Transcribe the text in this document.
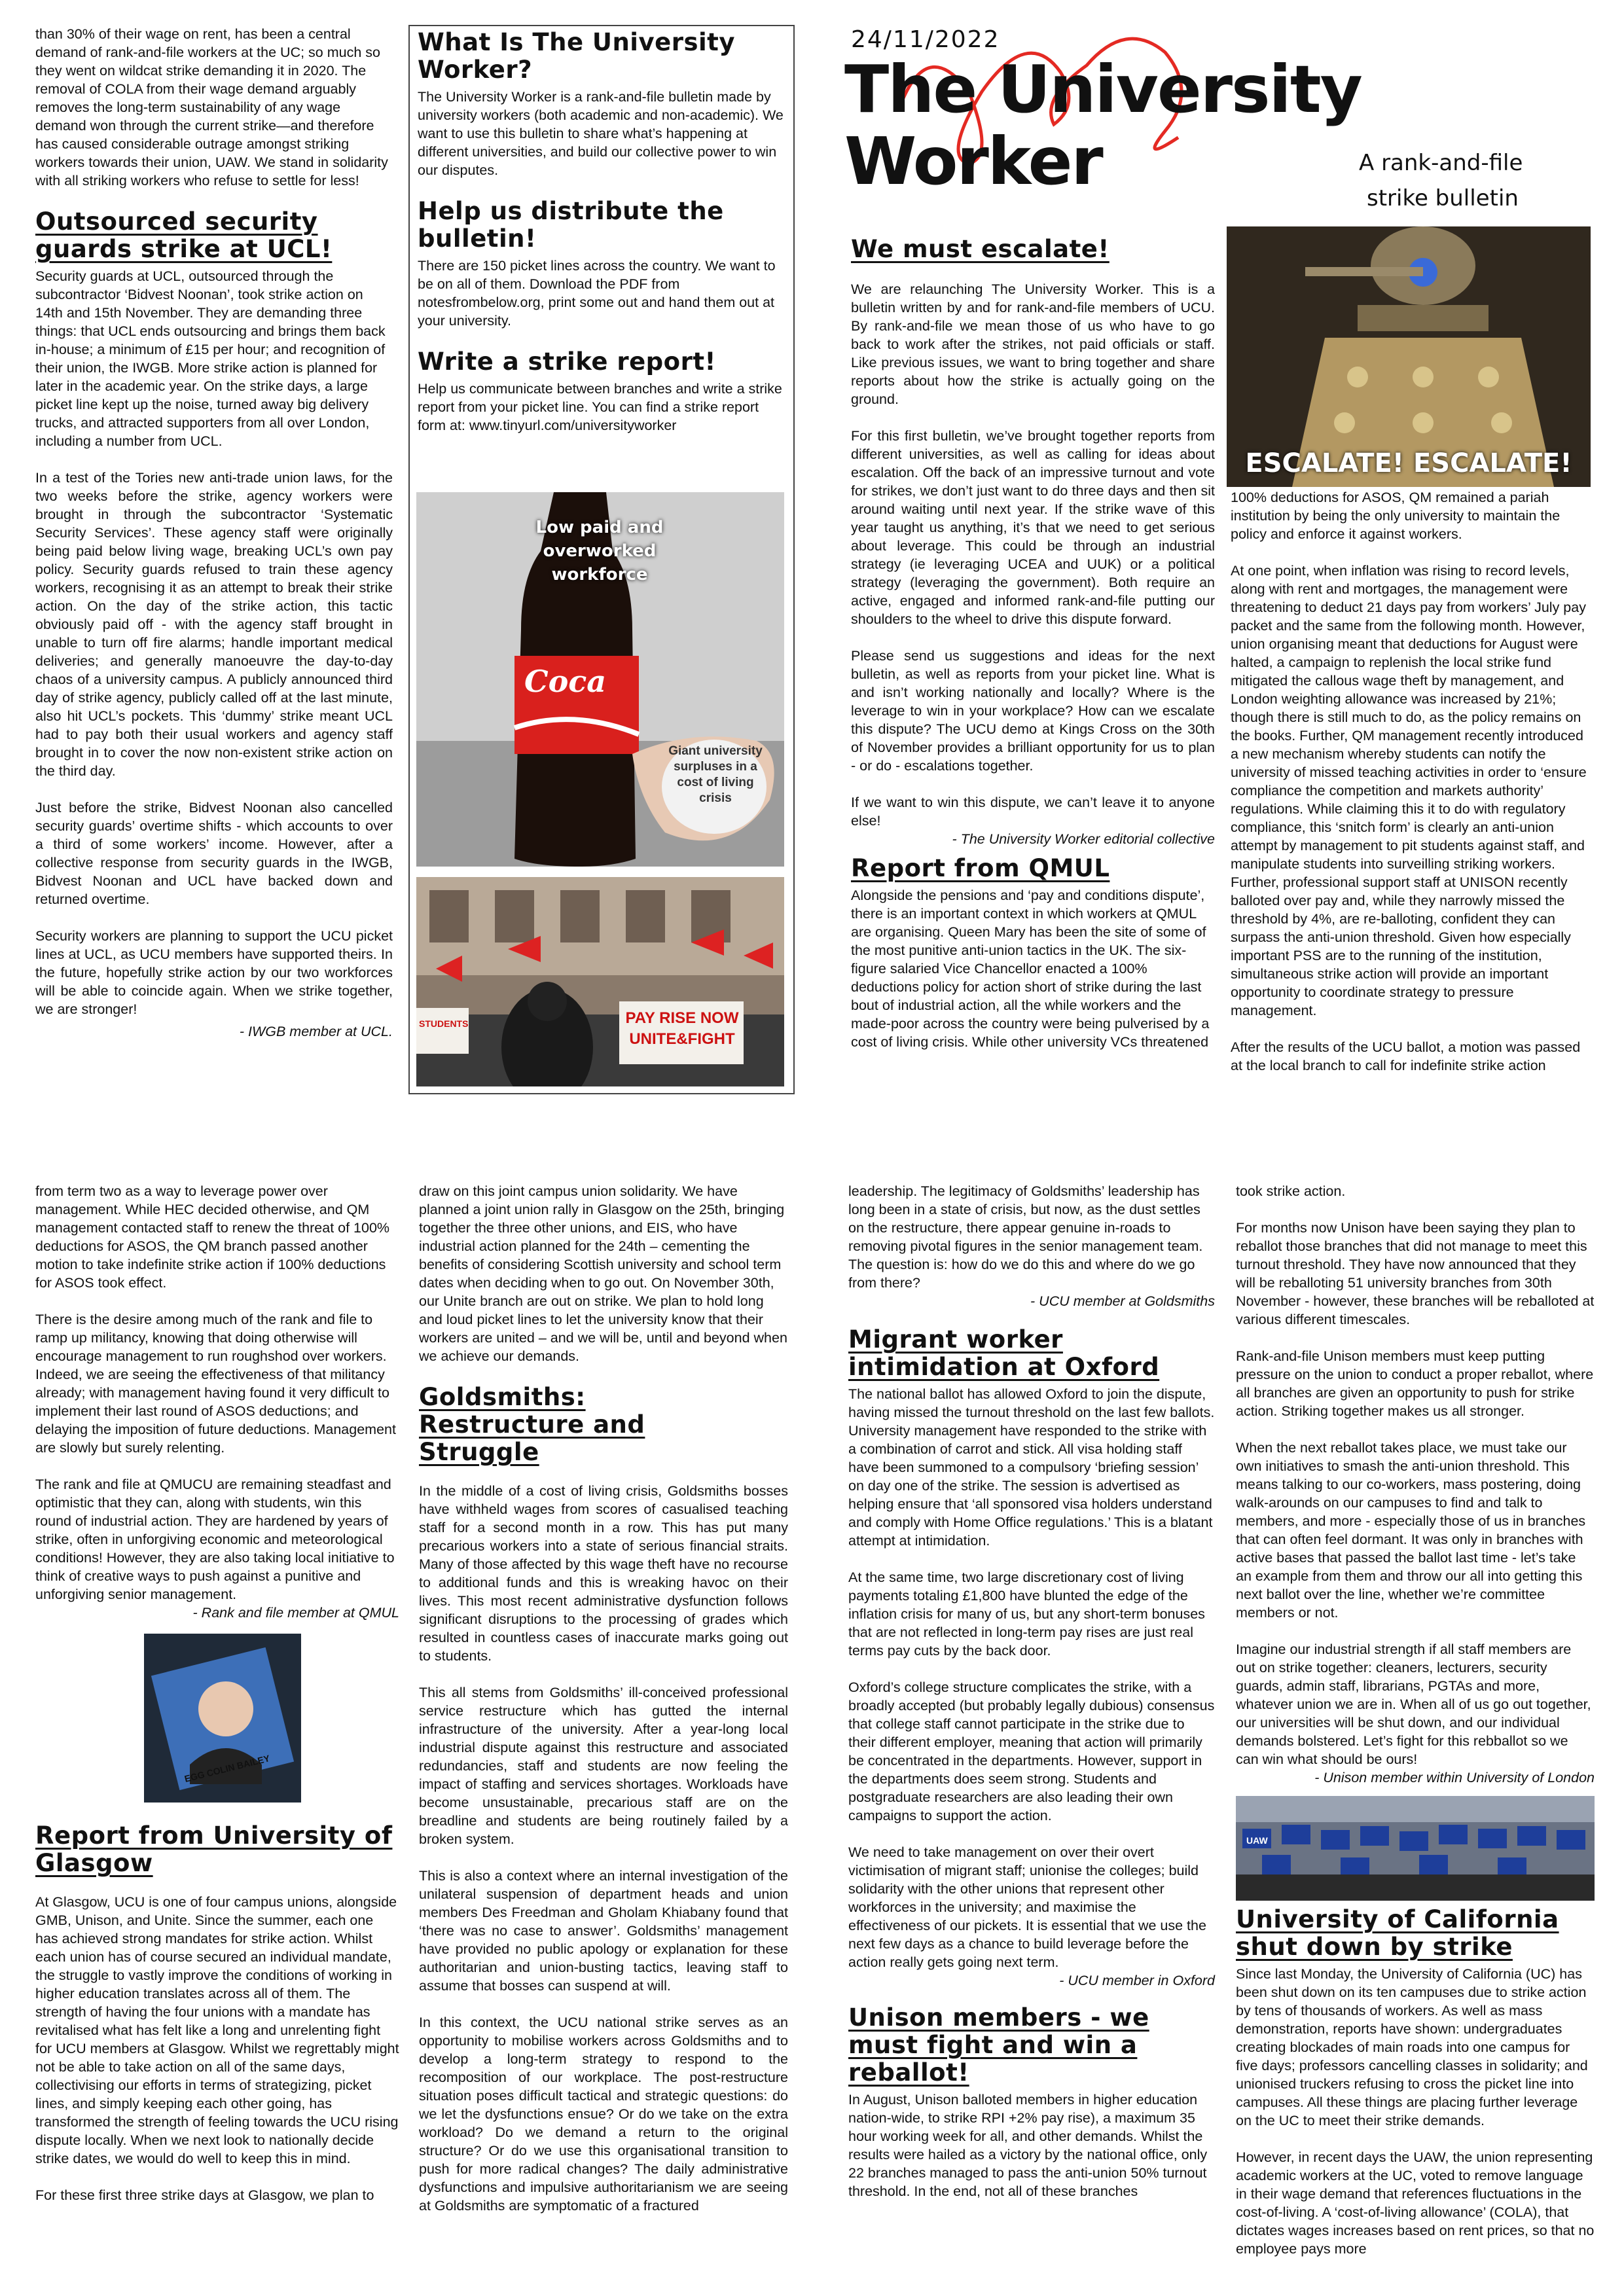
than 30% of their wage on rent, has been a central demand of rank-and-file workers at the UC; so much so they went on wildcat strike demanding it in 2020. The removal of COLA from their wage demand arguably removes the long-term sustainability of any wage demand won through the current strike—and therefore has caused considerable outrage amongst striking workers towards their union, UAW. We stand in solidarity with all striking workers who refuse to settle for less!

Outsourced security guards strike at UCL!

Security guards at UCL, outsourced through the subcontractor ‘Bidvest Noonan’, took strike action on 14th and 15th November. They are demanding three things: that UCL ends outsourcing and brings them back in-house; a minimum of £15 per hour; and recognition of their union, the IWGB. More strike action is planned for later in the academic year. On the strike days, a large picket line kept up the noise, turned away big delivery trucks, and attracted supporters from all over London, including a number from UCL.

In a test of the Tories new anti-trade union laws, for the two weeks before the strike, agency workers were brought in through the subcontractor ‘Systematic Security Services’. These agency staff were originally being paid below living wage, breaking UCL’s own pay policy. Security guards refused to train these agency workers, recognising it as an attempt to break their strike action. On the day of the strike action, this tactic obviously paid off - with the agency staff brought in unable to turn off fire alarms; handle important medical deliveries; and generally manoeuvre the day-to-day chaos of a university campus. A publicly announced third day of strike agency, publicly called off at the last minute, also hit UCL’s pockets. This ‘dummy’ strike meant UCL had to pay both their usual workers and agency staff brought in to cover the now non-existent strike action on the third day.

Just before the strike, Bidvest Noonan also cancelled security guards’ overtime shifts - which accounts to over a third of some workers’ income. However, after a collective response from security guards in the IWGB, Bidvest Noonan and UCL have backed down and returned overtime.

Security workers are planning to support the UCU picket lines at UCL, as UCU members have supported theirs. In the future, hopefully strike action by our two workforces will be able to coincide again. When we strike together, we are stronger!

- IWGB member at UCL.
What Is The University Worker?

The University Worker is a rank-and-file bulletin made by university workers (both academic and non-academic). We want to use this bulletin to share what’s happening at different universities, and build our collective power to win our disputes.

Help us distribute the bulletin!

There are 150 picket lines across the country. We want to be on all of them. Download the PDF from notesfrombelow.org, print some out and hand them out at your university.

Write a strike report!

Help us communicate between branches and write a strike report from your picket line. You can find a strike report form at: www.tinyurl.com/universityworker

Low paid and overworked workforce
Coca
Giant university surpluses in a cost of living crisis
PAY RISE NOW UNITE&FIGHT
STUDENTS
24/11/2022
The University
Worker	A rank-and-file
strike bulletin
We must escalate!

We are relaunching The University Worker. This is a bulletin written by and for rank-and-file members of UCU. By rank-and-file we mean those of us who have to go back to work after the strikes, not paid officials or staff. Like previous issues, we want to bring together and share reports about how the strike is actually going on the ground.

For this first bulletin, we’ve brought together reports from different universities, as well as calling for ideas about escalation. Off the back of an impressive turnout and vote for strikes, we don’t just want to do three days and then sit around waiting until next year. If the strike wave of this year taught us anything, it’s that we need to get serious about leverage. This could be through an industrial strategy (ie leveraging UCEA and UUK) or a political strategy (leveraging the government). Both require an active, engaged and informed rank-and-file putting our shoulders to the wheel to drive this dispute forward.

Please send us suggestions and ideas for the next bulletin, as well as reports from your picket line. What is and isn’t working nationally and locally? Where is the leverage to win in your workplace? How can we escalate this dispute? The UCU demo at Kings Cross on the 30th of November provides a brilliant opportunity for us to plan - or do - escalations together.

If we want to win this dispute, we can’t leave it to anyone else!

- The University Worker editorial collective
Report from QMUL

Alongside the pensions and ‘pay and conditions dispute’, there is an important context in which workers at QMUL are organising. Queen Mary has been the site of some of the most punitive anti-union tactics in the UK. The six-figure salaried Vice Chancellor enacted a 100% deductions policy for action short of strike during the last bout of industrial action, all the while workers and the made-poor across the country were being pulverised by a cost of living crisis. While other university VCs threatened

ESCALATE! ESCALATE!

100% deductions for ASOS, QM remained a pariah institution by being the only university to maintain the policy and enforce it against workers.

At one point, when inflation was rising to record levels, along with rent and mortgages, the management were threatening to deduct 21 days pay from workers’ July pay packet and the same from the following month. However, union organising meant that deductions for August were halted, a campaign to replenish the local strike fund mitigated the callous wage theft by management, and London weighting allowance was increased by 21%; though there is still much to do, as the policy remains on the books. Further, QM management recently introduced a new mechanism whereby students can notify the university of missed teaching activities in order to ‘ensure compliance the competition and markets authority’ regulations. While claiming this it to do with regulatory compliance, this ‘snitch form’ is clearly an anti-union attempt by management to pit students against staff, and manipulate students into surveilling striking workers. Further, professional support staff at UNISON recently balloted over pay and, while they narrowly missed the threshold by 4%, are re-balloting, confident they can surpass the anti-union threshold. Given how especially important PSS are to the running of the institution, simultaneous strike action will provide an important opportunity to coordinate strategy to pressure management.

After the results of the UCU ballot, a motion was passed at the local branch to call for indefinite strike action

from term two as a way to leverage power over management. While HEC decided otherwise, and QM management contacted staff to renew the threat of 100% deductions for ASOS, the QM branch passed another motion to take indefinite strike action if 100% deductions for ASOS took effect.

There is the desire among much of the rank and file to ramp up militancy, knowing that doing otherwise will encourage management to run roughshod over workers. Indeed, we are seeing the effectiveness of that militancy already; with management having found it very difficult to implement their last round of ASOS deductions; and delaying the imposition of future deductions. Management are slowly but surely relenting.

The rank and file at QMUCU are remaining steadfast and optimistic that they can, along with students, win this round of industrial action. They are hardened by years of strike, often in unforgiving economic and meteorological conditions! However, they are also taking local initiative to think of creative ways to push against a punitive and unforgiving senior management.

- Rank and file member at QMUL
EGG COLIN BAILEY
Report from University of Glasgow

At Glasgow, UCU is one of four campus unions, alongside GMB, Unison, and Unite. Since the summer, each one has achieved strong mandates for strike action. Whilst each union has of course secured an individual mandate, the struggle to vastly improve the conditions of working in higher education translates across all of them. The strength of having the four unions with a mandate has revitalised what has felt like a long and unrelenting fight for UCU members at Glasgow. Whilst we regrettably might not be able to take action on all of the same days, collectivising our efforts in terms of strategizing, picket lines, and simply keeping each other going, has transformed the strength of feeling towards the UCU rising dispute locally. When we next look to nationally decide strike dates, we would do well to keep this in mind.

For these first three strike days at Glasgow, we plan to

draw on this joint campus union solidarity. We have planned a joint union rally in Glasgow on the 25th, bringing together the three other unions, and EIS, who have industrial action planned for the 24th – cementing the benefits of considering Scottish university and school term dates when deciding when to go out. On November 30th, our Unite branch are out on strike. We plan to hold long and loud picket lines to let the university know that their workers are united – and we will be, until and beyond when we achieve our demands.

Goldsmiths: Restructure and Struggle

In the middle of a cost of living crisis, Goldsmiths bosses have withheld wages from scores of casualised teaching staff for a second month in a row. This has put many precarious workers into a state of serious financial straits. Many of those affected by this wage theft have no recourse to additional funds and this is wreaking havoc on their lives. This most recent administrative dysfunction follows significant disruptions to the processing of grades which resulted in countless cases of inaccurate marks going out to students.

This all stems from Goldsmiths’ ill-conceived professional service restructure which has gutted the internal infrastructure of the university. After a year-long local industrial dispute against this restructure and associated redundancies, staff and students are now feeling the impact of staffing and services shortages. Workloads have become unsustainable, precarious staff are on the breadline and students are being routinely failed by a broken system.

This is also a context where an internal investigation of the unilateral suspension of department heads and union members Des Freedman and Gholam Khiabany found that ‘there was no case to answer’. Goldsmiths’ management have provided no public apology or explanation for these authoritarian and union-busting tactics, leaving staff to assume that bosses can suspend at will.

In this context, the UCU national strike serves as an opportunity to mobilise workers across Goldsmiths and to develop a long-term strategy to respond to the recomposition of our workplace. The post-restructure situation poses difficult tactical and strategic questions: do we let the dysfunctions ensue? Or do we take on the extra workload? Do we demand a return to the original structure? Or do we use this organisational transition to push for more radical changes? The daily administrative dysfunctions and impulsive authoritarianism we are seeing at Goldsmiths are symptomatic of a fractured

leadership. The legitimacy of Goldsmiths’ leadership has long been in a state of crisis, but now, as the dust settles on the restructure, there appear genuine in-roads to removing pivotal figures in the senior management team. The question is: how do we do this and where do we go from there?

- UCU member at Goldsmiths
Migrant worker intimidation at Oxford

The national ballot has allowed Oxford to join the dispute, having missed the turnout threshold on the last few ballots. University management have responded to the strike with a combination of carrot and stick. All visa holding staff have been summoned to a compulsory ‘briefing session’ on day one of the strike. The session is advertised as helping ensure that ‘all sponsored visa holders understand and comply with Home Office regulations.’ This is a blatant attempt at intimidation.

At the same time, two large discretionary cost of living payments totaling £1,800 have blunted the edge of the inflation crisis for many of us, but any short-term bonuses that are not reflected in long-term pay rises are just real terms pay cuts by the back door.

Oxford’s college structure complicates the strike, with a broadly accepted (but probably legally dubious) consensus that college staff cannot participate in the strike due to their different employer, meaning that action will primarily be concentrated in the departments. However, support in the departments does seem strong. Students and postgraduate researchers are also leading their own campaigns to support the action.

We need to take management on over their overt victimisation of migrant staff; unionise the colleges; build solidarity with the other unions that represent other workforces in the university; and maximise the effectiveness of our pickets. It is essential that we use the next few days as a chance to build leverage before the action really gets going next term.

- UCU member in Oxford
Unison members - we must fight and win a reballot!

In August, Unison balloted members in higher education nation-wide, to strike RPI +2% pay rise), a maximum 35 hour working week for all, and other demands. Whilst the results were hailed as a victory by the national office, only 22 branches managed to pass the anti-union 50% turnout threshold. In the end, not all of these branches

took strike action.

For months now Unison have been saying they plan to reballot those branches that did not manage to meet this turnout threshold. They have now announced that they will be reballoting 51 university branches from 30th November - however, these branches will be reballoted at various different timescales.

Rank-and-file Unison members must keep putting pressure on the union to conduct a proper reballot, where all branches are given an opportunity to push for strike action. Striking together makes us all stronger.

When the next reballot takes place, we must take our own initiatives to smash the anti-union threshold. This means talking to our co-workers, mass postering, doing walk-arounds on our campuses to find and talk to members, and more - especially those of us in branches that can often feel dormant. It was only in branches with active bases that passed the ballot last time - let’s take an example from them and throw our all into getting this next ballot over the line, whether we’re committee members or not.

Imagine our industrial strength if all staff members are out on strike together: cleaners, lecturers, security guards, admin staff, librarians, PGTAs and more, whatever union we are in. When all of us go out together, our universities will be shut down, and our individual demands bolstered. Let’s fight for this rebballot so we can win what should be ours!

- Unison member within University of London
UAW
University of California shut down by strike

Since last Monday, the University of California (UC) has been shut down on its ten campuses due to strike action by tens of thousands of workers. As well as mass demonstration, reports have shown: undergraduates creating blockades of main roads into one campus for five days; professors cancelling classes in solidarity; and unionised truckers refusing to cross the picket line into campuses. All these things are placing further leverage on the UC to meet their strike demands.

However, in recent days the UAW, the union representing academic workers at the UC, voted to remove language in their wage demand that references fluctuations in the cost-of-living. A ‘cost-of-living allowance’ (COLA), that dictates wages increases based on rent prices, so that no employee pays more
